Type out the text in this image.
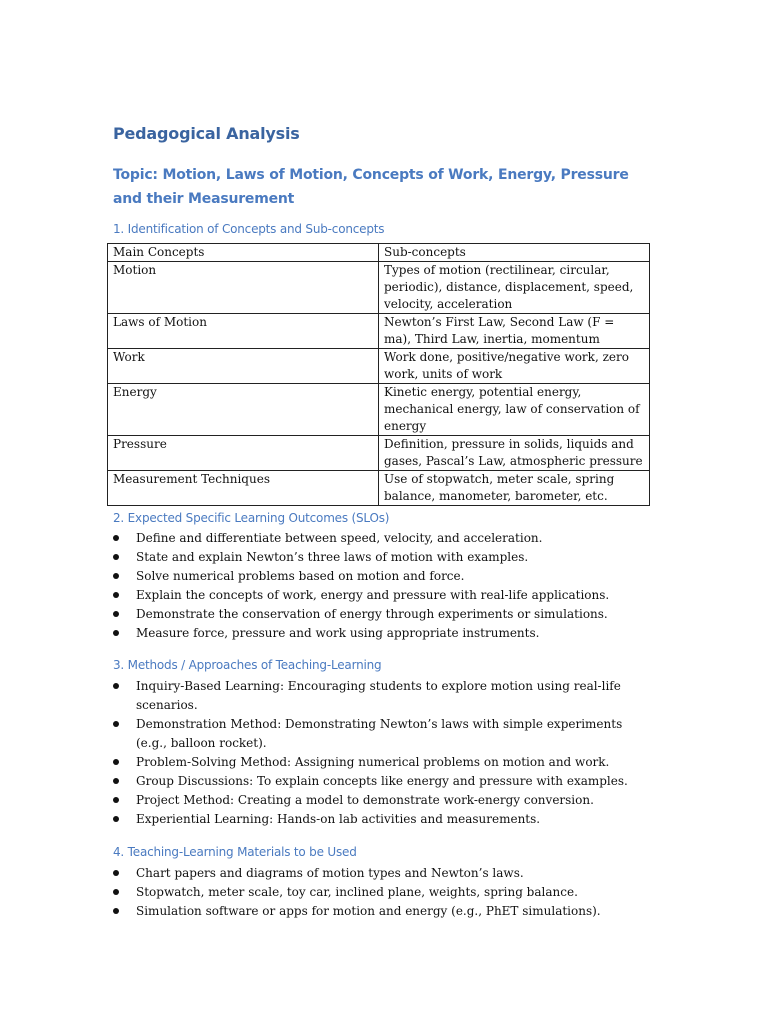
Pedagogical Analysis
Topic: Motion, Laws of Motion, Concepts of Work, Energy, Pressure and their Measurement
1. Identification of Concepts and Sub-concepts
Main Concepts	Sub-concepts
Motion	Types of motion (rectilinear, circular, periodic), distance, displacement, speed, velocity, acceleration
Laws of Motion	Newton’s First Law, Second Law (F = ma), Third Law, inertia, momentum
Work	Work done, positive/negative work, zero work, units of work
Energy	Kinetic energy, potential energy, mechanical energy, law of conservation of energy
Pressure	Definition, pressure in solids, liquids and gases, Pascal’s Law, atmospheric pressure
Measurement Techniques	Use of stopwatch, meter scale, spring balance, manometer, barometer, etc.
2. Expected Specific Learning Outcomes (SLOs)
Define and differentiate between speed, velocity, and acceleration.
State and explain Newton’s three laws of motion with examples.
Solve numerical problems based on motion and force.
Explain the concepts of work, energy and pressure with real-life applications.
Demonstrate the conservation of energy through experiments or simulations.
Measure force, pressure and work using appropriate instruments.
3. Methods / Approaches of Teaching-Learning
Inquiry-Based Learning: Encouraging students to explore motion using real-life scenarios.
Demonstration Method: Demonstrating Newton’s laws with simple experiments (e.g., balloon rocket).
Problem-Solving Method: Assigning numerical problems on motion and work.
Group Discussions: To explain concepts like energy and pressure with examples.
Project Method: Creating a model to demonstrate work-energy conversion.
Experiential Learning: Hands-on lab activities and measurements.
4. Teaching-Learning Materials to be Used
Chart papers and diagrams of motion types and Newton’s laws.
Stopwatch, meter scale, toy car, inclined plane, weights, spring balance.
Simulation software or apps for motion and energy (e.g., PhET simulations).
